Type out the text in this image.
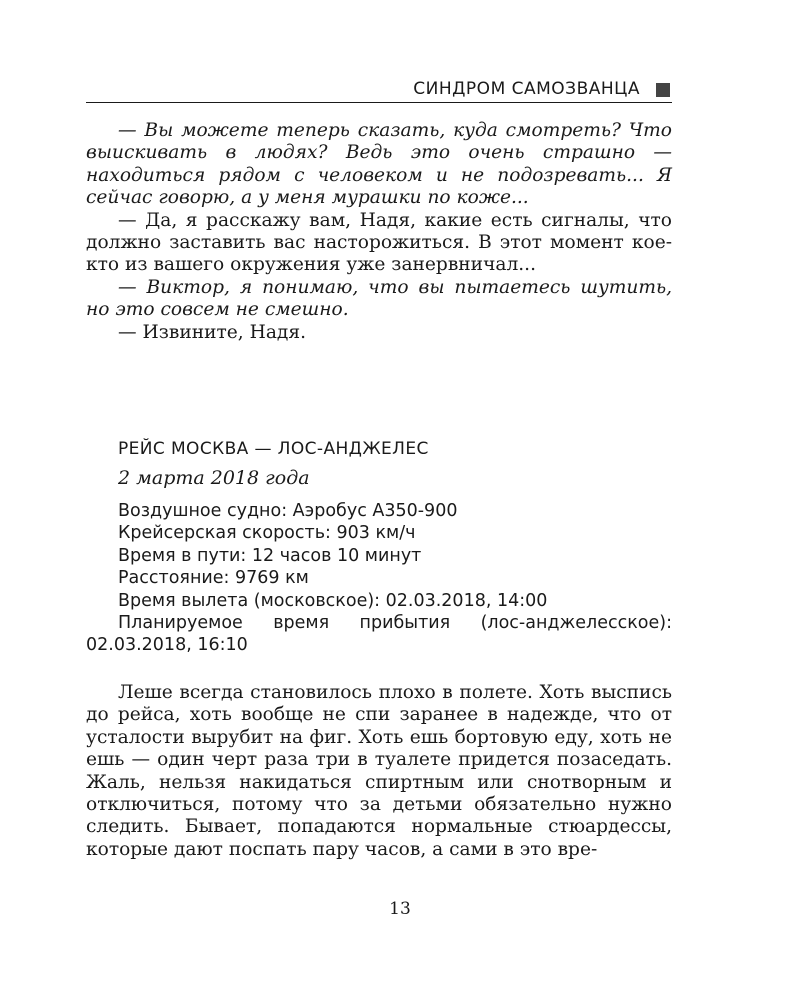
СИНДРОМ САМОЗВАНЦА

— Вы можете теперь сказать, куда смотреть? Что выискивать в людях? Ведь это очень страшно — находиться рядом с человеком и не подозревать... Я сейчас говорю, а у меня мурашки по коже...

— Да, я расскажу вам, Надя, какие есть сигналы, что должно заставить вас насторожиться. В этот момент кое-кто из вашего окружения уже занервничал...

— Виктор, я понимаю, что вы пытаетесь шутить, но это совсем не смешно.

— Извините, Надя.

РЕЙС МОСКВА — ЛОС-АНДЖЕЛЕС
2 марта 2018 года

Воздушное судно: Аэробус А350-900

Крейсерская скорость: 903 км/ч

Время в пути: 12 часов 10 минут

Расстояние: 9769 км

Время вылета (московское): 02.03.2018, 14:00

Планируемое время прибытия (лос-анджелесское): 02.03.2018, 16:10

Леше всегда становилось плохо в полете. Хоть выспись до рейса, хоть вообще не спи заранее в надежде, что от усталости вырубит на фиг. Хоть ешь бортовую еду, хоть не ешь — один черт раза три в туалете придется позаседать. Жаль, нельзя накидаться спиртным или снотворным и отключиться, потому что за детьми обязательно нужно следить. Бывает, попадаются нормальные стюардессы, которые дают поспать пару часов, а сами в это вре-

13
